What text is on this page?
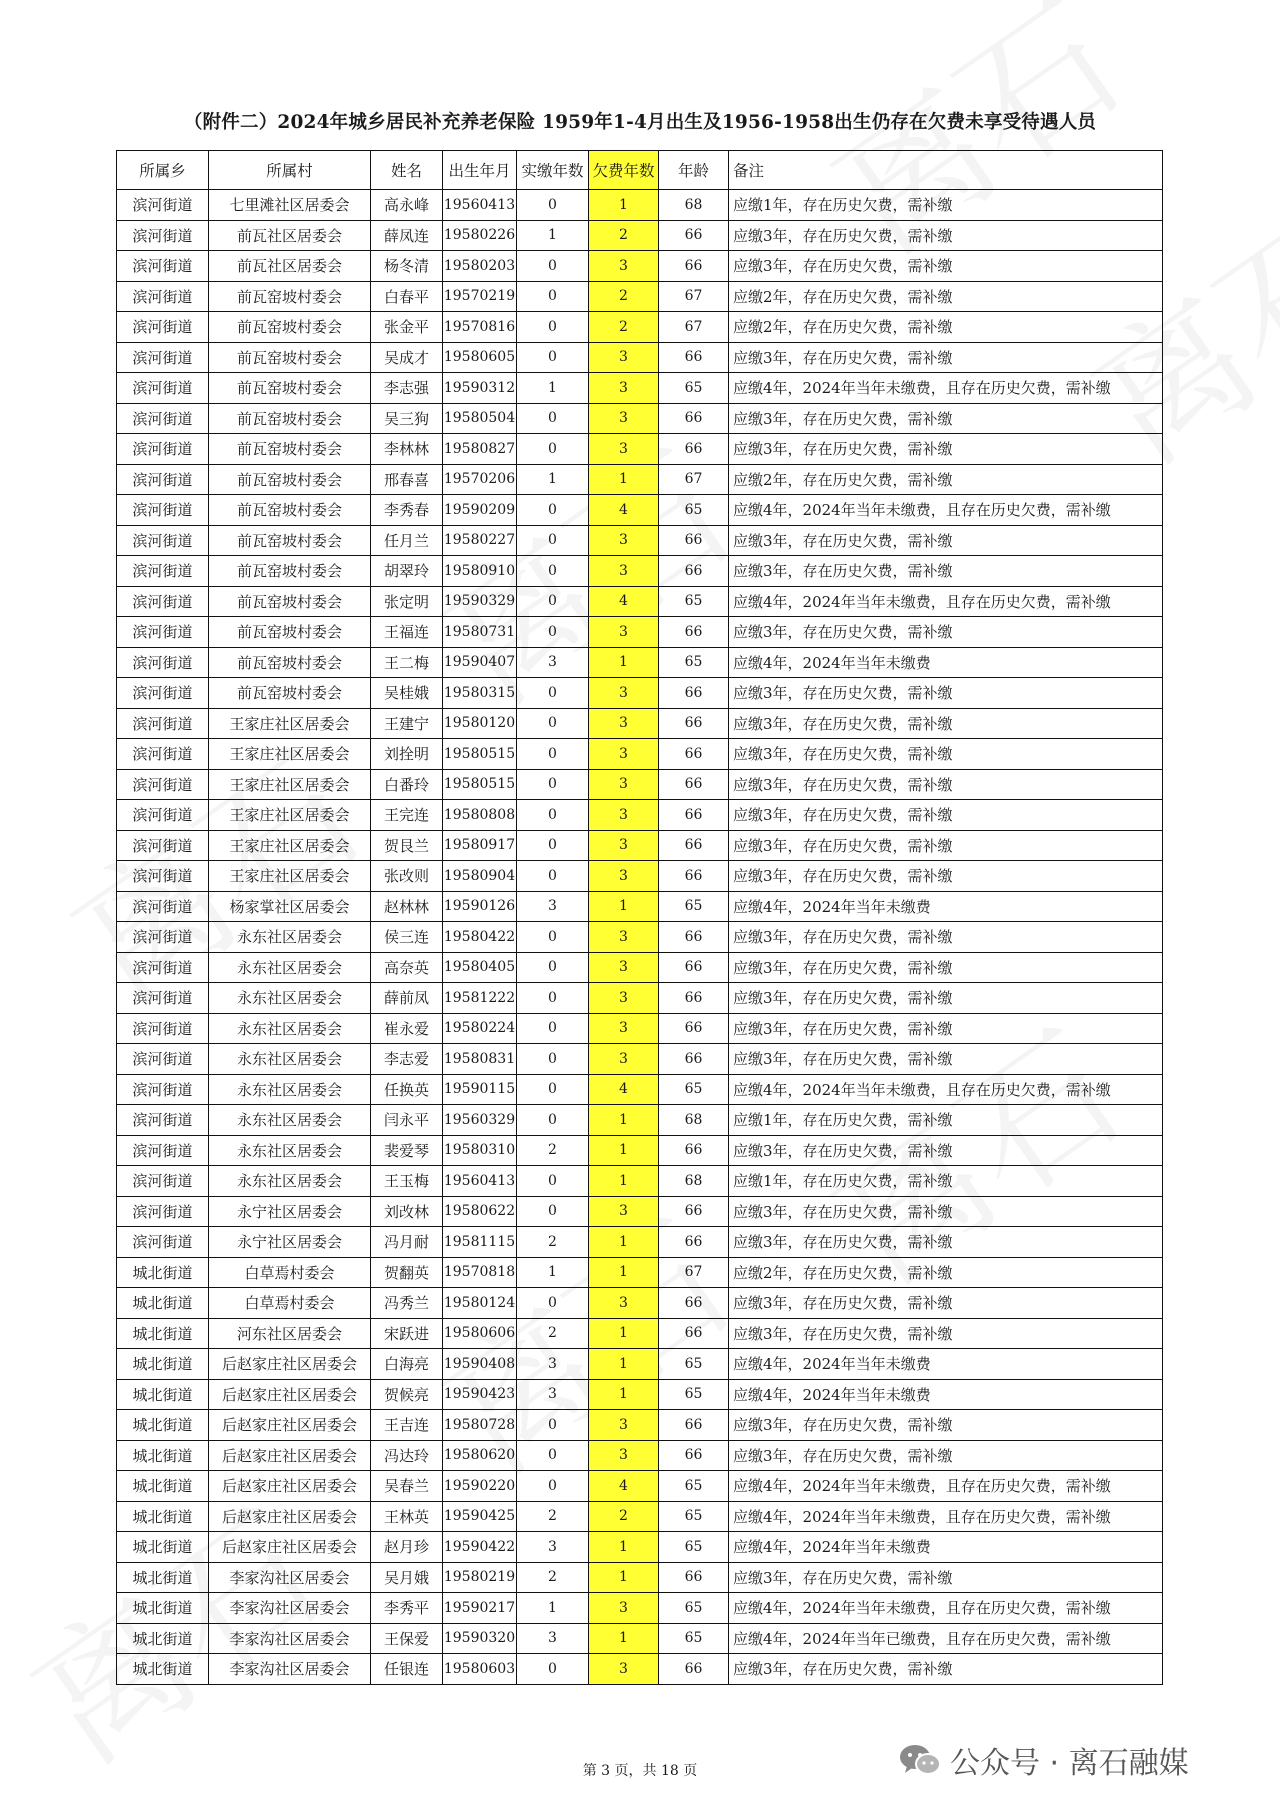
（附件二）2024年城乡居民补充养老保险 1959年1-4月出生及1956-1958出生仍存在欠费未享受待遇人员
所属乡	所属村	姓名	出生年月	实缴年数	欠费年数	年龄	备注
滨河街道	七里滩社区居委会	高永峰	19560413	0	1	68	应缴1年，存在历史欠费，需补缴
滨河街道	前瓦社区居委会	薛凤连	19580226	1	2	66	应缴3年，存在历史欠费，需补缴
滨河街道	前瓦社区居委会	杨冬清	19580203	0	3	66	应缴3年，存在历史欠费，需补缴
滨河街道	前瓦窑坡村委会	白春平	19570219	0	2	67	应缴2年，存在历史欠费，需补缴
滨河街道	前瓦窑坡村委会	张金平	19570816	0	2	67	应缴2年，存在历史欠费，需补缴
滨河街道	前瓦窑坡村委会	吴成才	19580605	0	3	66	应缴3年，存在历史欠费，需补缴
滨河街道	前瓦窑坡村委会	李志强	19590312	1	3	65	应缴4年，2024年当年未缴费，且存在历史欠费，需补缴
滨河街道	前瓦窑坡村委会	吴三狗	19580504	0	3	66	应缴3年，存在历史欠费，需补缴
滨河街道	前瓦窑坡村委会	李林林	19580827	0	3	66	应缴3年，存在历史欠费，需补缴
滨河街道	前瓦窑坡村委会	邢春喜	19570206	1	1	67	应缴2年，存在历史欠费，需补缴
滨河街道	前瓦窑坡村委会	李秀春	19590209	0	4	65	应缴4年，2024年当年未缴费，且存在历史欠费，需补缴
滨河街道	前瓦窑坡村委会	任月兰	19580227	0	3	66	应缴3年，存在历史欠费，需补缴
滨河街道	前瓦窑坡村委会	胡翠玲	19580910	0	3	66	应缴3年，存在历史欠费，需补缴
滨河街道	前瓦窑坡村委会	张定明	19590329	0	4	65	应缴4年，2024年当年未缴费，且存在历史欠费，需补缴
滨河街道	前瓦窑坡村委会	王福连	19580731	0	3	66	应缴3年，存在历史欠费，需补缴
滨河街道	前瓦窑坡村委会	王二梅	19590407	3	1	65	应缴4年，2024年当年未缴费
滨河街道	前瓦窑坡村委会	吴桂娥	19580315	0	3	66	应缴3年，存在历史欠费，需补缴
滨河街道	王家庄社区居委会	王建宁	19580120	0	3	66	应缴3年，存在历史欠费，需补缴
滨河街道	王家庄社区居委会	刘拴明	19580515	0	3	66	应缴3年，存在历史欠费，需补缴
滨河街道	王家庄社区居委会	白番玲	19580515	0	3	66	应缴3年，存在历史欠费，需补缴
滨河街道	王家庄社区居委会	王完连	19580808	0	3	66	应缴3年，存在历史欠费，需补缴
滨河街道	王家庄社区居委会	贺艮兰	19580917	0	3	66	应缴3年，存在历史欠费，需补缴
滨河街道	王家庄社区居委会	张改则	19580904	0	3	66	应缴3年，存在历史欠费，需补缴
滨河街道	杨家掌社区居委会	赵林林	19590126	3	1	65	应缴4年，2024年当年未缴费
滨河街道	永东社区居委会	侯三连	19580422	0	3	66	应缴3年，存在历史欠费，需补缴
滨河街道	永东社区居委会	高奈英	19580405	0	3	66	应缴3年，存在历史欠费，需补缴
滨河街道	永东社区居委会	薛前凤	19581222	0	3	66	应缴3年，存在历史欠费，需补缴
滨河街道	永东社区居委会	崔永爱	19580224	0	3	66	应缴3年，存在历史欠费，需补缴
滨河街道	永东社区居委会	李志爱	19580831	0	3	66	应缴3年，存在历史欠费，需补缴
滨河街道	永东社区居委会	任换英	19590115	0	4	65	应缴4年，2024年当年未缴费，且存在历史欠费，需补缴
滨河街道	永东社区居委会	闫永平	19560329	0	1	68	应缴1年，存在历史欠费，需补缴
滨河街道	永东社区居委会	裴爱琴	19580310	2	1	66	应缴3年，存在历史欠费，需补缴
滨河街道	永东社区居委会	王玉梅	19560413	0	1	68	应缴1年，存在历史欠费，需补缴
滨河街道	永宁社区居委会	刘改林	19580622	0	3	66	应缴3年，存在历史欠费，需补缴
滨河街道	永宁社区居委会	冯月耐	19581115	2	1	66	应缴3年，存在历史欠费，需补缴
城北街道	白草焉村委会	贺翻英	19570818	1	1	67	应缴2年，存在历史欠费，需补缴
城北街道	白草焉村委会	冯秀兰	19580124	0	3	66	应缴3年，存在历史欠费，需补缴
城北街道	河东社区居委会	宋跃进	19580606	2	1	66	应缴3年，存在历史欠费，需补缴
城北街道	后赵家庄社区居委会	白海亮	19590408	3	1	65	应缴4年，2024年当年未缴费
城北街道	后赵家庄社区居委会	贺候亮	19590423	3	1	65	应缴4年，2024年当年未缴费
城北街道	后赵家庄社区居委会	王吉连	19580728	0	3	66	应缴3年，存在历史欠费，需补缴
城北街道	后赵家庄社区居委会	冯达玲	19580620	0	3	66	应缴3年，存在历史欠费，需补缴
城北街道	后赵家庄社区居委会	吴春兰	19590220	0	4	65	应缴4年，2024年当年未缴费，且存在历史欠费，需补缴
城北街道	后赵家庄社区居委会	王林英	19590425	2	2	65	应缴4年，2024年当年未缴费，且存在历史欠费，需补缴
城北街道	后赵家庄社区居委会	赵月珍	19590422	3	1	65	应缴4年，2024年当年未缴费
城北街道	李家沟社区居委会	吴月娥	19580219	2	1	66	应缴3年，存在历史欠费，需补缴
城北街道	李家沟社区居委会	李秀平	19590217	1	3	65	应缴4年，2024年当年未缴费，且存在历史欠费，需补缴
城北街道	李家沟社区居委会	王保爱	19590320	3	1	65	应缴4年，2024年当年已缴费，且存在历史欠费，需补缴
城北街道	李家沟社区居委会	任银连	19580603	0	3	66	应缴3年，存在历史欠费，需补缴
第 3 页，共 18 页	公众号 · 离石融媒
